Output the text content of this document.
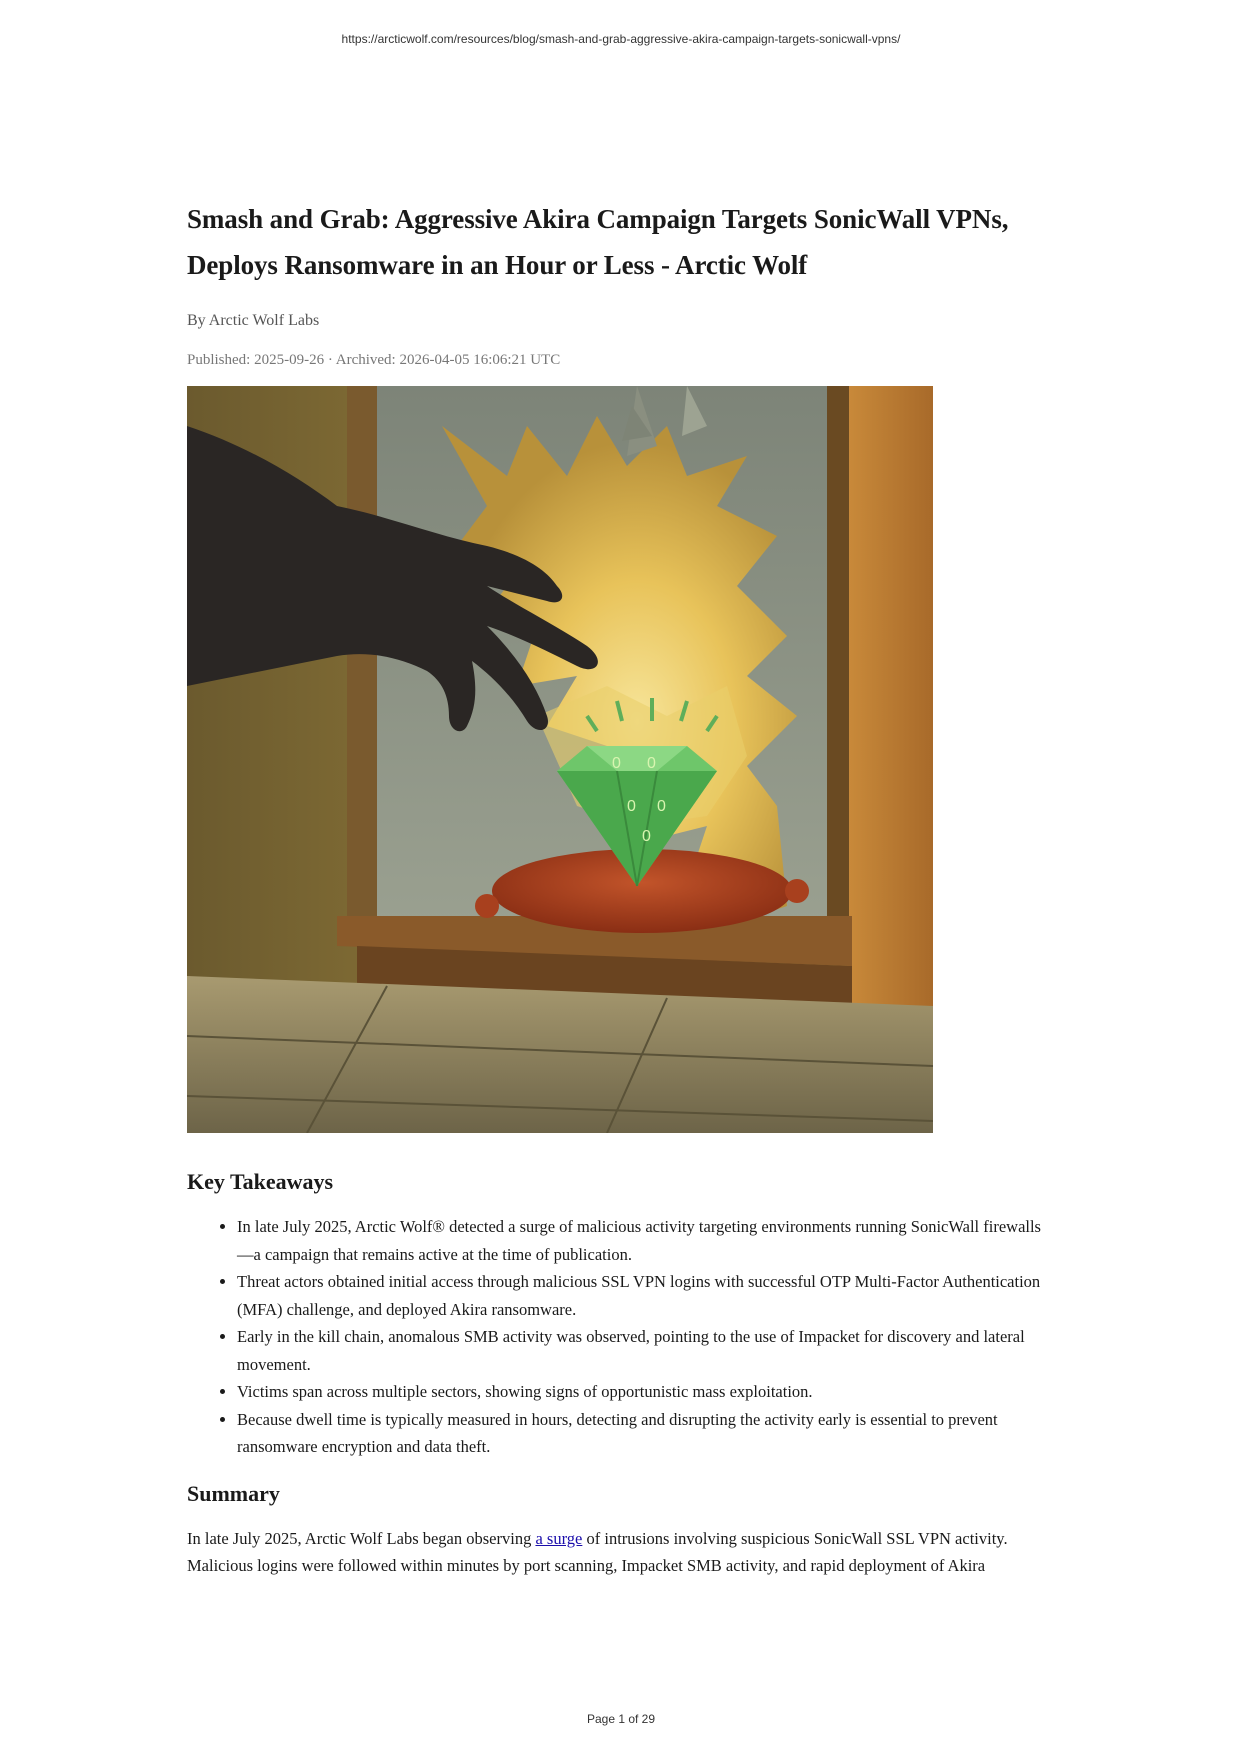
https://arcticwolf.com/resources/blog/smash-and-grab-aggressive-akira-campaign-targets-sonicwall-vpns/
Smash and Grab: Aggressive Akira Campaign Targets SonicWall VPNs, Deploys Ransomware in an Hour or Less - Arctic Wolf
By Arctic Wolf Labs
Published: 2025-09-26 · Archived: 2026-04-05 16:06:21 UTC
0 0
0 0
0
Key Takeaways
• In late July 2025, Arctic Wolf® detected a surge of malicious activity targeting environments running SonicWall firewalls—a campaign that remains active at the time of publication.
• Threat actors obtained initial access through malicious SSL VPN logins with successful OTP Multi-Factor Authentication (MFA) challenge, and deployed Akira ransomware.
• Early in the kill chain, anomalous SMB activity was observed, pointing to the use of Impacket for discovery and lateral movement.
• Victims span across multiple sectors, showing signs of opportunistic mass exploitation.
• Because dwell time is typically measured in hours, detecting and disrupting the activity early is essential to prevent ransomware encryption and data theft.
Summary

In late July 2025, Arctic Wolf Labs began observing a surge of intrusions involving suspicious SonicWall SSL VPN activity. Malicious logins were followed within minutes by port scanning, Impacket SMB activity, and rapid deployment of Akira

Page 1 of 29
